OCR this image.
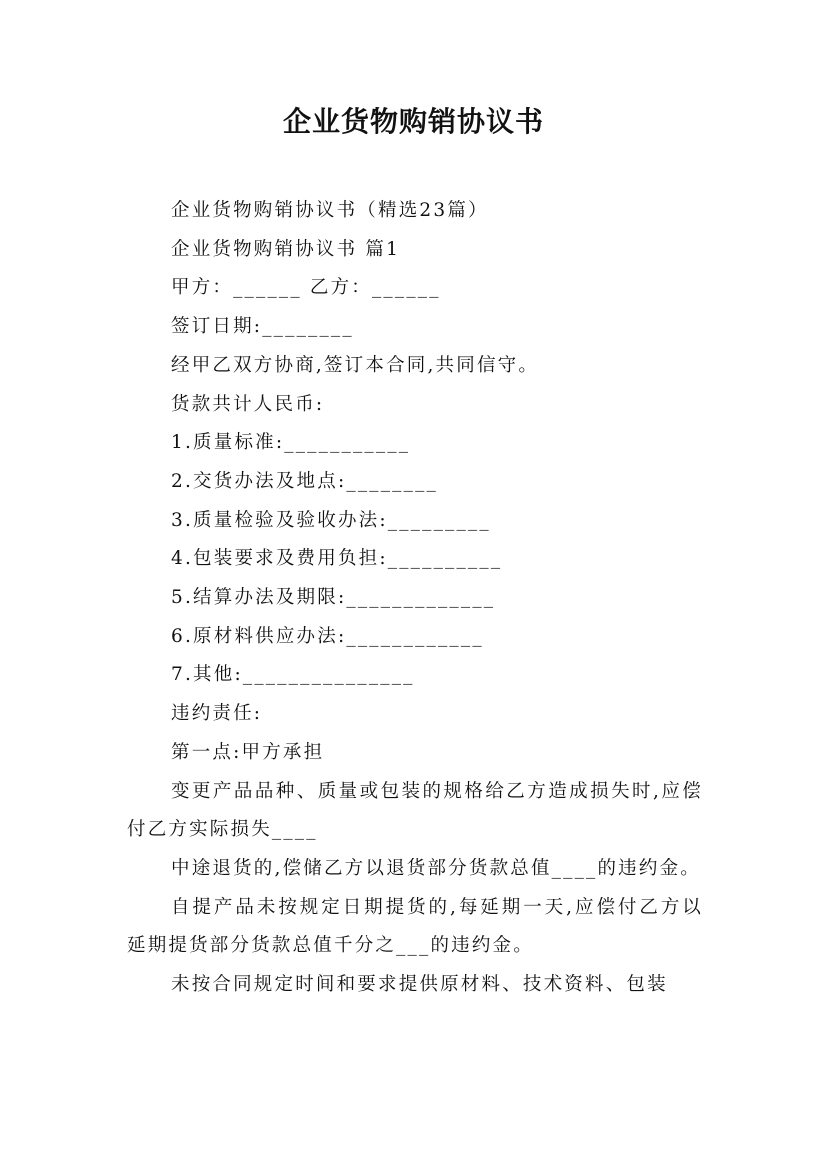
企业货物购销协议书

企业货物购销协议书（精选23篇）

企业货物购销协议书 篇1

甲方：______ 乙方：______

签订日期:________

经甲乙双方协商,签订本合同,共同信守。

货款共计人民币:

1.质量标准:___________

2.交货办法及地点:________

3.质量检验及验收办法:_________

4.包装要求及费用负担:__________

5.结算办法及期限:_____________

6.原材料供应办法:____________

7.其他:_______________

违约责任:

第一点:甲方承担

变更产品品种、质量或包装的规格给乙方造成损失时,应偿付乙方实际损失____

中途退货的,偿储乙方以退货部分货款总值____的违约金。

自提产品未按规定日期提货的,每延期一天,应偿付乙方以延期提货部分货款总值千分之___的违约金。

未按合同规定时间和要求提供原材料、技术资料、包装
